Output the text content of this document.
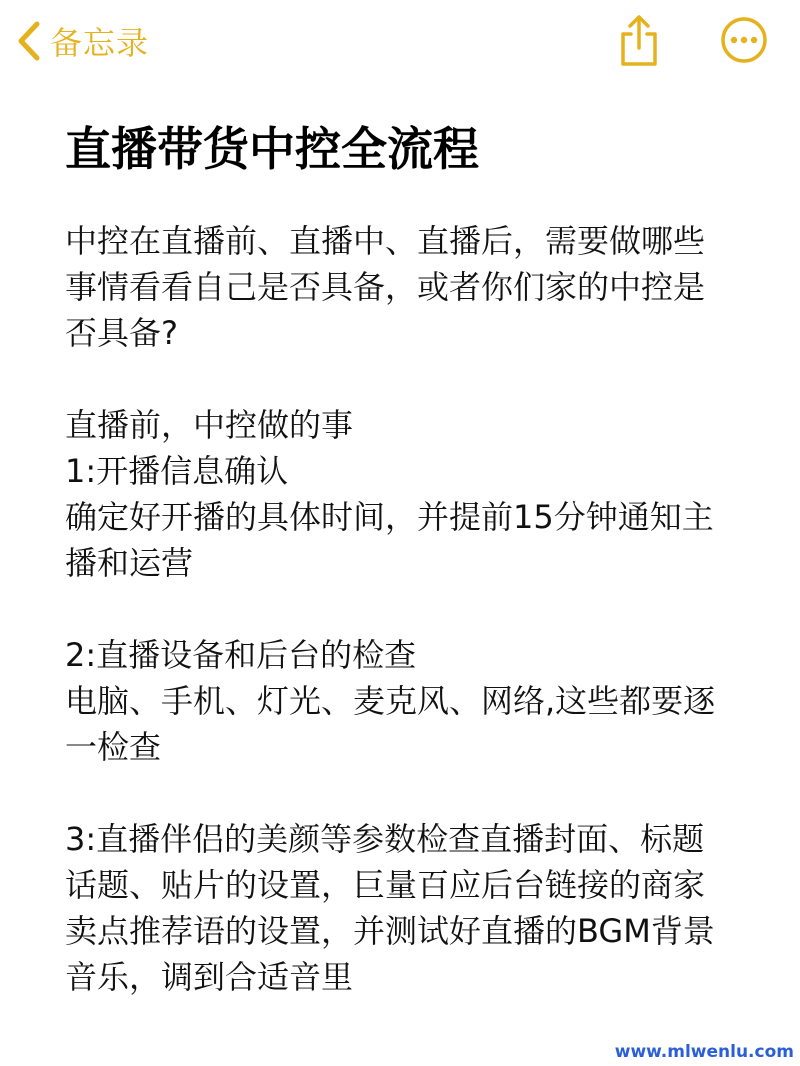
备忘录
直播带货中控全流程
中控在直播前、直播中、直播后，需要做哪些
事情看看自己是否具备，或者你们家的中控是
否具备?
直播前，中控做的事
1:开播信息确认
确定好开播的具体时间，并提前15分钟通知主
播和运营
2:直播设备和后台的检查
电脑、手机、灯光、麦克风、网络,这些都要逐
一检查
3:直播伴侣的美颜等参数检查直播封面、标题
话题、贴片的设置，巨量百应后台链接的商家
卖点推荐语的设置，并测试好直播的BGM背景
音乐，调到合适音里
www.mlwenlu.com
